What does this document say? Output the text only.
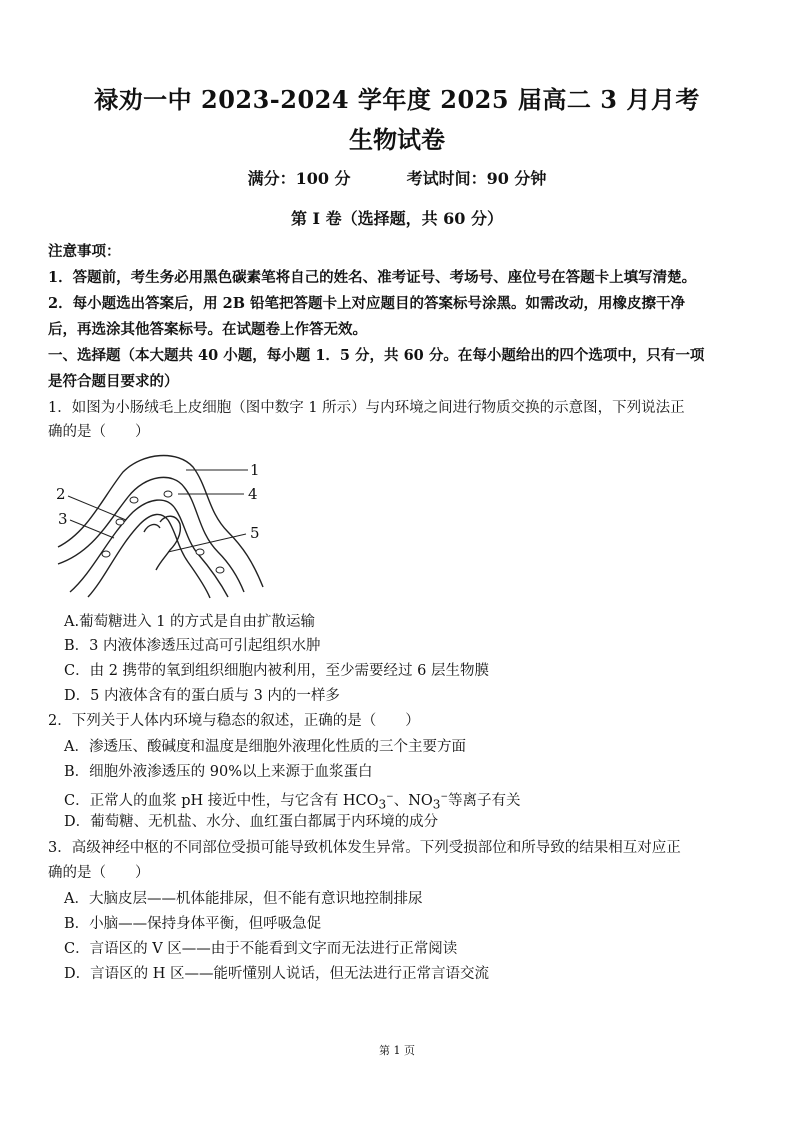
禄劝一中 2023-2024 学年度 2025 届高二 3 月月考
生物试卷
满分：100 分	考试时间：90 分钟
第 I 卷（选择题，共 60 分）
注意事项：
1．答题前，考生务必用黑色碳素笔将自己的姓名、准考证号、考场号、座位号在答题卡上填写清楚。
2．每小题选出答案后，用 2B 铅笔把答题卡上对应题目的答案标号涂黑。如需改动，用橡皮擦干净
后，再选涂其他答案标号。在试题卷上作答无效。
一、选择题（本大题共 40 小题，每小题 1．5 分，共 60 分。在每小题给出的四个选项中，只有一项
是符合题目要求的）
1．如图为小肠绒毛上皮细胞（图中数字 1 所示）与内环境之间进行物质交换的示意图，下列说法正
确的是（　　）
1
2
3
4
5
A.葡萄糖进入 1 的方式是自由扩散运输
B．3 内液体渗透压过高可引起组织水肿
C．由 2 携带的氧到组织细胞内被利用，至少需要经过 6 层生物膜
D．5 内液体含有的蛋白质与 3 内的一样多
2．下列关于人体内环境与稳态的叙述，正确的是（　　）
A．渗透压、酸碱度和温度是细胞外液理化性质的三个主要方面
B．细胞外液渗透压的 90%以上来源于血浆蛋白
C．正常人的血浆 pH 接近中性，与它含有 $HCO_3^-$、$NO_3^-$等离子有关
D．葡萄糖、无机盐、水分、血红蛋白都属于内环境的成分
3．高级神经中枢的不同部位受损可能导致机体发生异常。下列受损部位和所导致的结果相互对应正
确的是（　　）
A．大脑皮层——机体能排尿，但不能有意识地控制排尿
B．小脑——保持身体平衡，但呼吸急促
C．言语区的 V 区——由于不能看到文字而无法进行正常阅读
D．言语区的 H 区——能听懂别人说话，但无法进行正常言语交流
第 1 页
